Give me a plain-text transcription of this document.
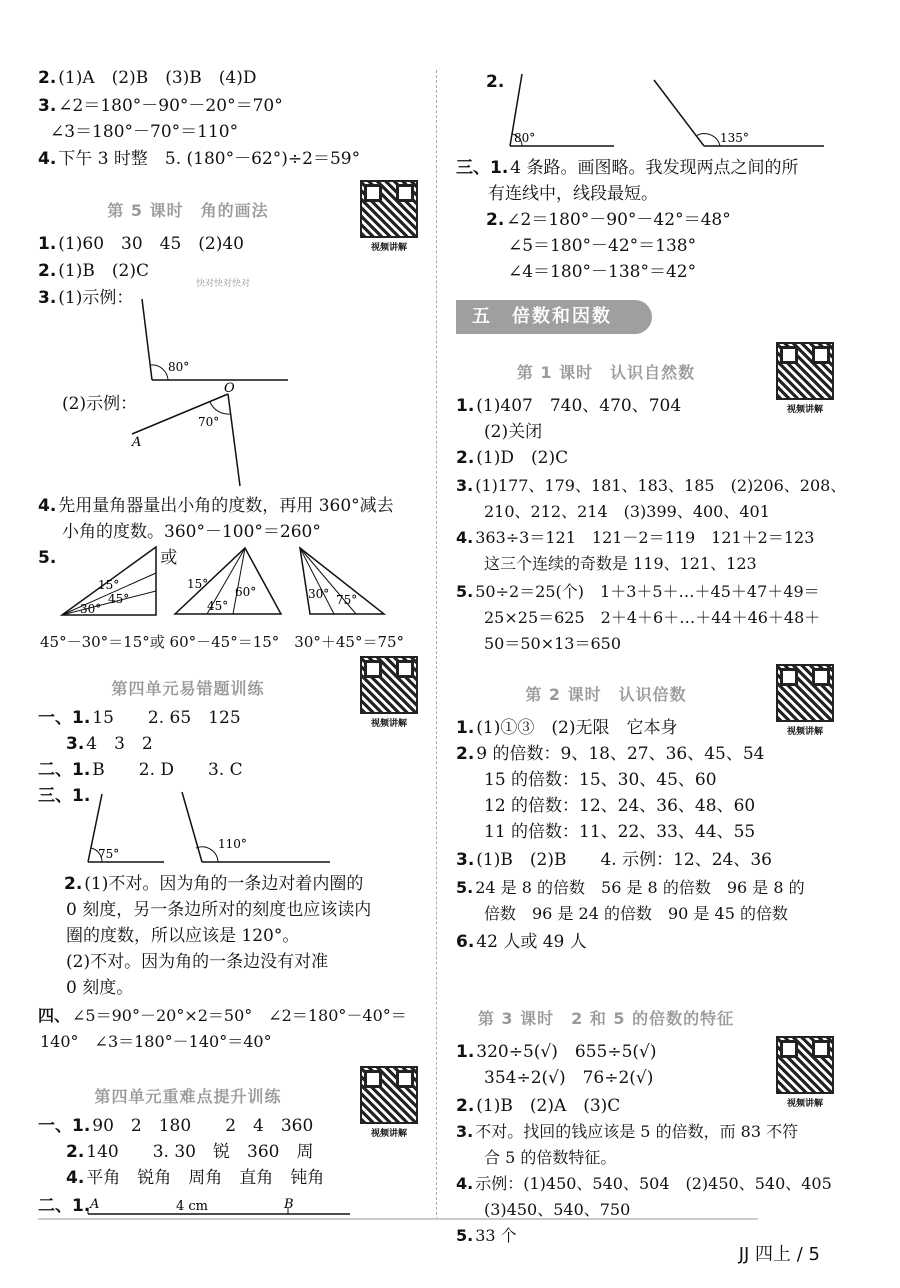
2. (1)A　(2)B　(3)B　(4)D
3. ∠2＝180°－90°－20°＝70°
∠3＝180°－70°＝110°
4. 下午 3 时整　5. (180°－62°)÷2＝59°
第 5 课时　角的画法
视频讲解
快对快对快对
1. (1)60　30　45　(2)40
2. (1)B　(2)C
3. (1)示例：
80°
(2)示例：
70°
O
A
4. 先用量角器量出小角的度数，再用 360°减去
小角的度数。360°－100°＝260°
5.　　　　　　或
15°
30°
45°
15°
45°
60°	30° 75°
45°－30°＝15°或 60°－45°＝15°　30°＋45°＝75°
第四单元易错题训练
视频讲解
一、1. 15　　2. 65　125
3. 4　3　2
二、1. B　　2. D　　3. C
三、1.
75°
110°
2. (1)不对。因为角的一条边对着内圈的
0 刻度，另一条边所对的刻度也应该读内
圈的度数，所以应该是 120°。
(2)不对。因为角的一条边没有对准
0 刻度。
四、 ∠5＝90°－20°×2＝50°　∠2＝180°－40°＝
140°　∠3＝180°－140°＝40°
第四单元重难点提升训练
视频讲解
一、1. 90　2　180　　2　4　360
2. 140　　3. 30　锐　360　周
4. 平角　锐角　周角　直角　钝角
二、1. A	4 cm	B
2.
80°	135°
三、1. 4 条路。画图略。我发现两点之间的所
有连线中，线段最短。
2. ∠2＝180°－90°－42°＝48°
∠5＝180°－42°＝138°
∠4＝180°－138°＝42°
五　倍数和因数
第 1 课时　认识自然数
视频讲解
1. (1)407　740、470、704
(2)关闭
2. (1)D　(2)C
3. (1)177、179、181、183、185　(2)206、208、
210、212、214　(3)399、400、401
4. 363÷3＝121　121－2＝119　121＋2＝123
这三个连续的奇数是 119、121、123
5. 50÷2＝25(个)　1＋3＋5＋…＋45＋47＋49＝
25×25＝625　2＋4＋6＋…＋44＋46＋48＋
50＝50×13＝650
第 2 课时　认识倍数
视频讲解
1. (1)①③　(2)无限　它本身
2. 9 的倍数：9、18、27、36、45、54
15 的倍数：15、30、45、60
12 的倍数：12、24、36、48、60
11 的倍数：11、22、33、44、55
3. (1)B　(2)B　　4. 示例：12、24、36
5. 24 是 8 的倍数　56 是 8 的倍数　96 是 8 的
倍数　96 是 24 的倍数　90 是 45 的倍数
6. 42 人或 49 人
第 3 课时　2 和 5 的倍数的特征
1. 320÷5(√)　655÷5(√)
354÷2(√)　76÷2(√)
视频讲解
2. (1)B　(2)A　(3)C
3. 不对。找回的钱应该是 5 的倍数，而 83 不符
合 5 的倍数特征。
4. 示例：(1)450、540、504　(2)450、540、405
(3)450、540、750
5. 33 个
JJ 四上 / 5
